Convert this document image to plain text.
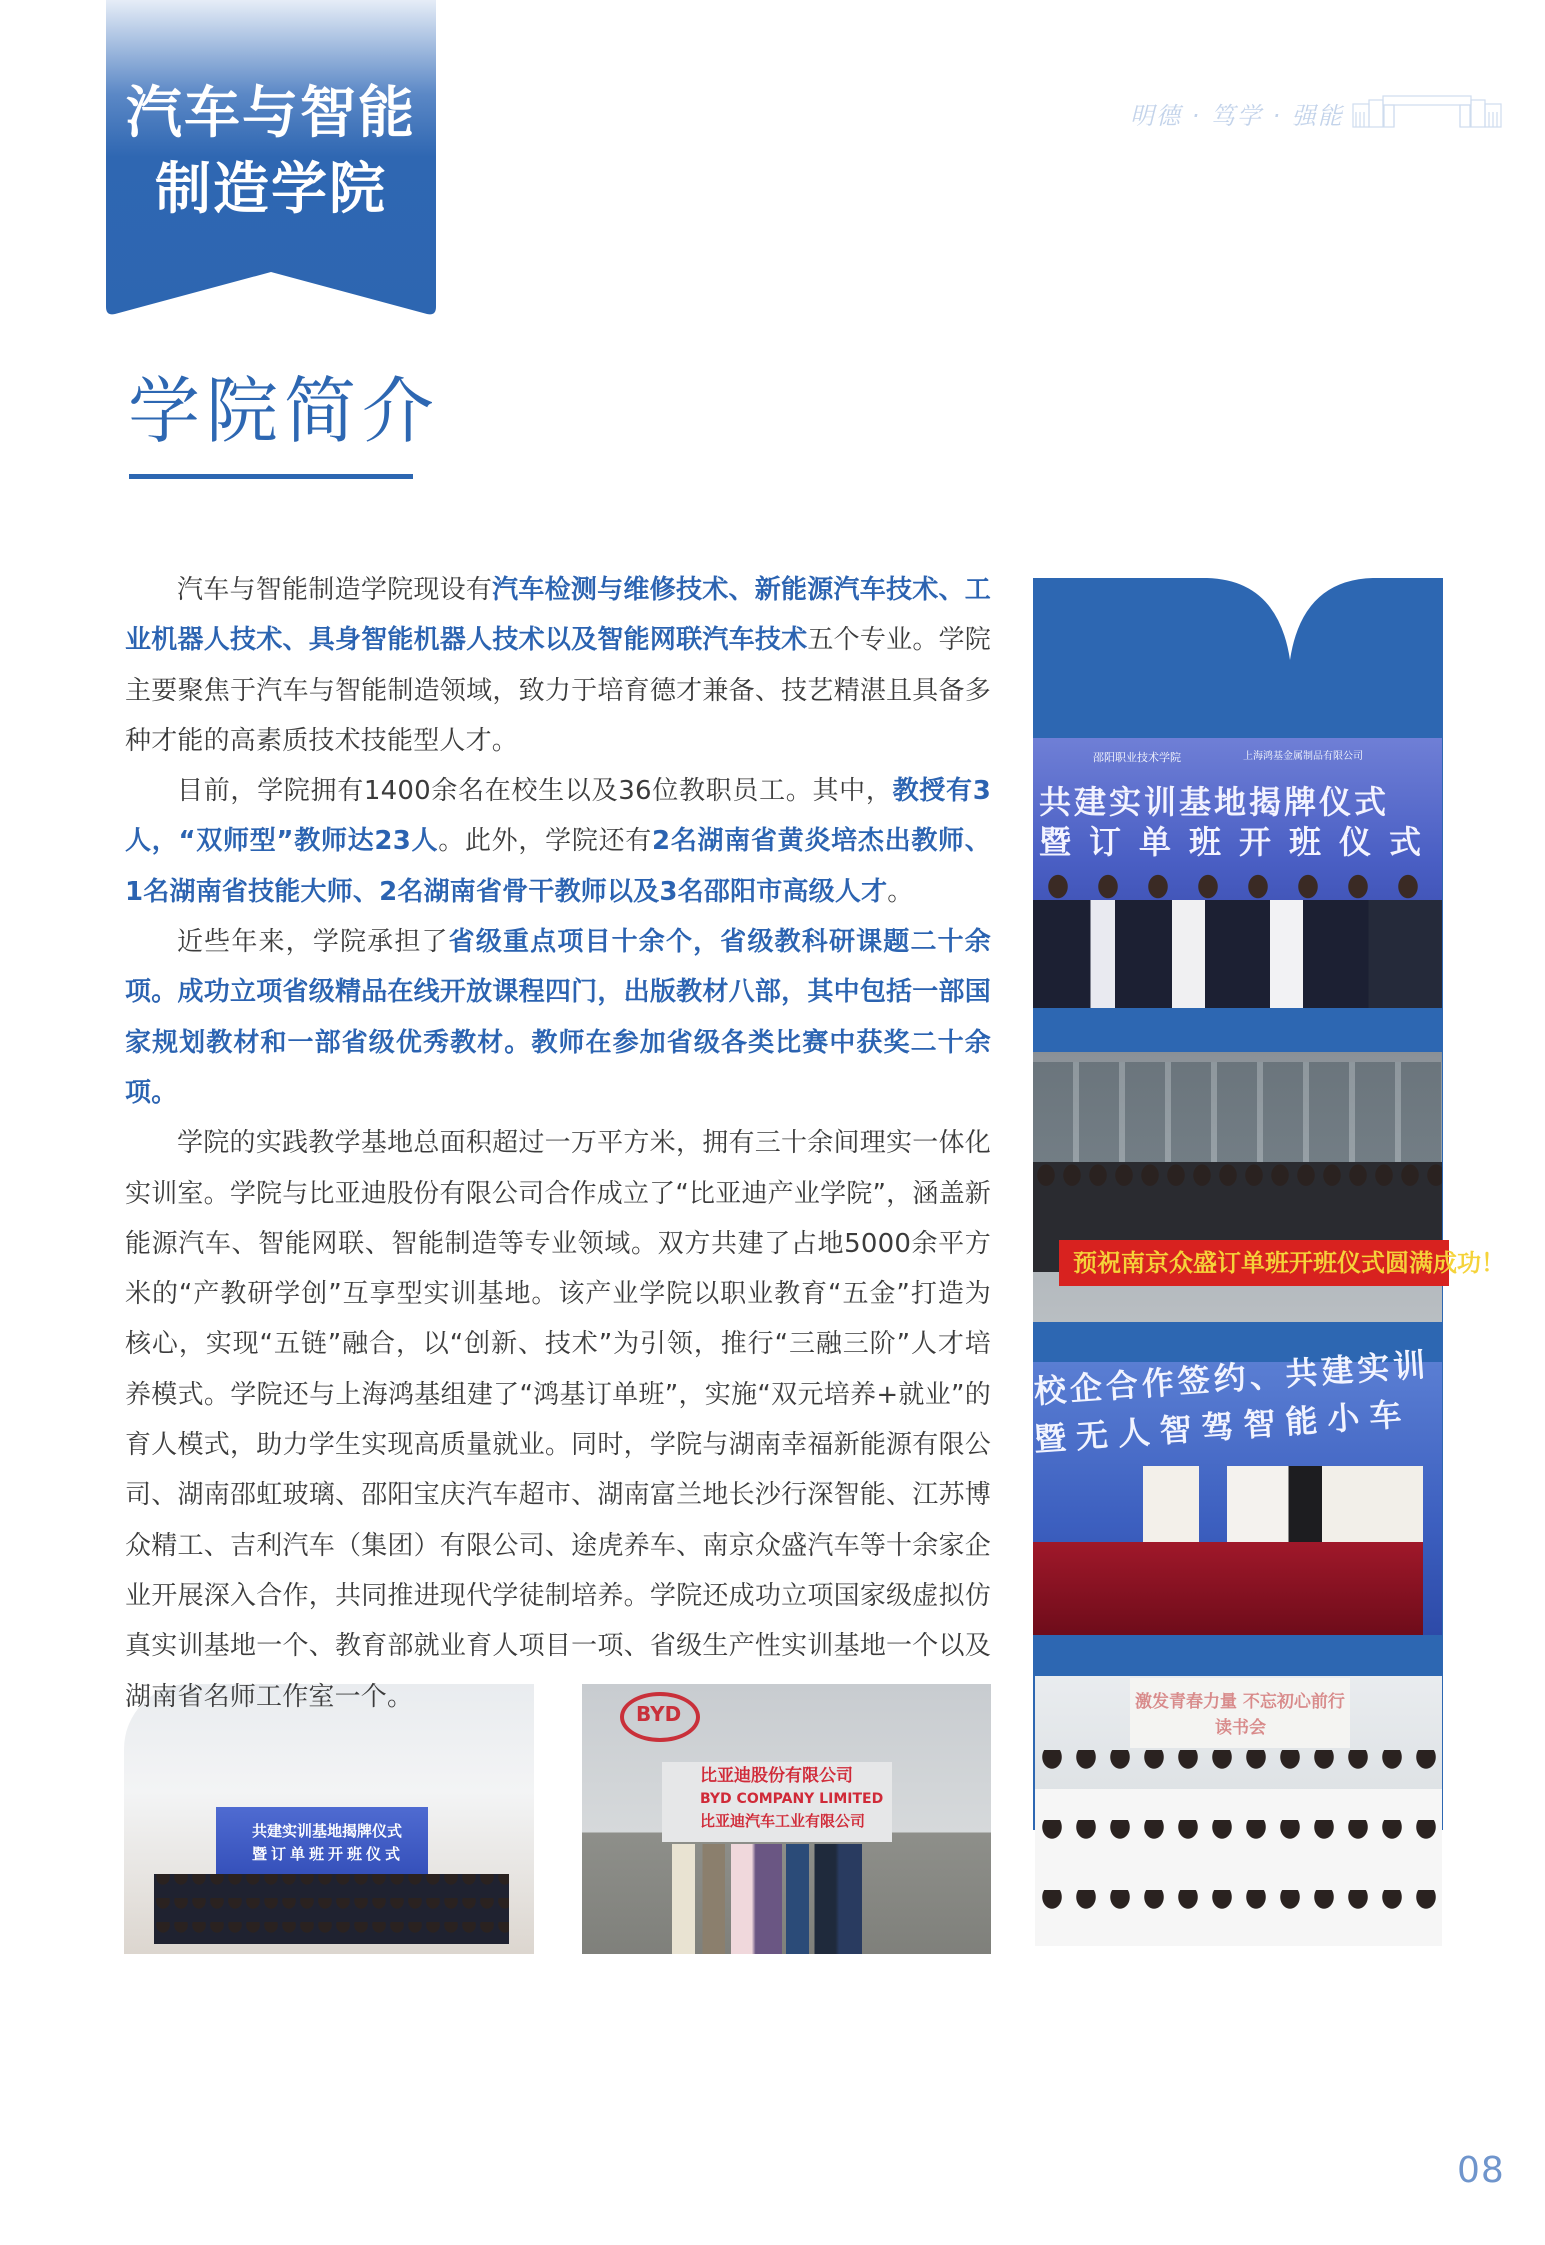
汽车与智能
制造学院
明德 · 笃学 · 强能
学院简介

汽车与智能制造学院现设有汽车检测与维修技术、新能源汽车技术、工业机器人技术、具身智能机器人技术以及智能网联汽车技术五个专业。学院主要聚焦于汽车与智能制造领域，致力于培育德才兼备、技艺精湛且具备多种才能的高素质技术技能型人才。

目前，学院拥有1400余名在校生以及36位教职员工。其中，教授有3人，“双师型”教师达23人。此外，学院还有2名湖南省黄炎培杰出教师、1名湖南省技能大师、2名湖南省骨干教师以及3名邵阳市高级人才。

近些年来，学院承担了省级重点项目十余个，省级教科研课题二十余项。成功立项省级精品在线开放课程四门，出版教材八部，其中包括一部国家规划教材和一部省级优秀教材。教师在参加省级各类比赛中获奖二十余项。

学院的实践教学基地总面积超过一万平方米，拥有三十余间理实一体化实训室。学院与比亚迪股份有限公司合作成立了“比亚迪产业学院”，涵盖新能源汽车、智能网联、智能制造等专业领域。双方共建了占地5000余平方米的“产教研学创”互享型实训基地。该产业学院以职业教育“五金”打造为核心，实现“五链”融合，以“创新、技术”为引领，推行“三融三阶”人才培养模式。学院还与上海鸿基组建了“鸿基订单班”，实施“双元培养+就业”的育人模式，助力学生实现高质量就业。同时，学院与湖南幸福新能源有限公司、湖南邵虹玻璃、邵阳宝庆汽车超市、湖南富兰地长沙行深智能、江苏博众精工、吉利汽车（集团）有限公司、途虎养车、南京众盛汽车等十余家企业开展深入合作，共同推进现代学徒制培养。学院还成功立项国家级虚拟仿真实训基地一个、教育部就业育人项目一项、省级生产性实训基地一个以及湖南省名师工作室一个。

邵阳职业技术学院	上海鸿基金属制品有限公司
共建实训基地揭牌仪式
暨订单班开班仪式
预祝南京众盛订单班开班仪式圆满成功！
校企合作签约、共建实训
暨无人智驾智能小车
激发青春力量 不忘初心前行
读书会
共建实训基地揭牌仪式
暨订单班开班仪式
BYD
比亚迪股份有限公司
BYD COMPANY LIMITED
比亚迪汽车工业有限公司
08
